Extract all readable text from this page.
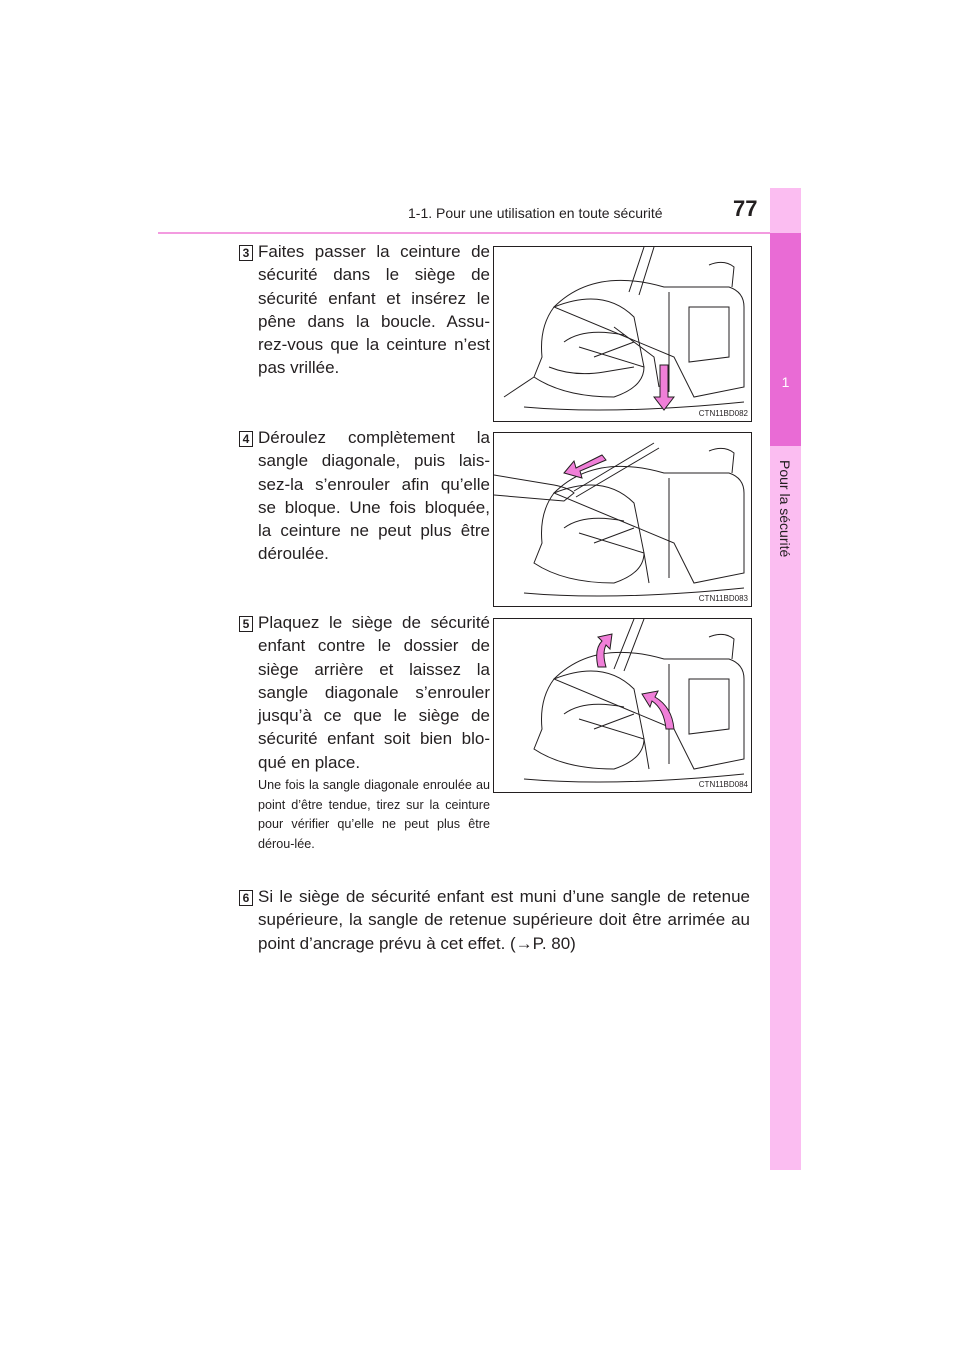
1-1. Pour une utilisation en toute sécurité	77
1
Pour la sécurité
3 Faites passer la ceinture de sécurité dans le siège de sécurité enfant et insérez le pêne dans la boucle. Assu-rez-vous que la ceinture n’est pas vrillée.
CTN11BD082
4 Déroulez complètement la sangle diagonale, puis lais-sez-la s’enrouler afin qu’elle se bloque. Une fois bloquée, la ceinture ne peut plus être déroulée.
CTN11BD083
5 Plaquez le siège de sécurité enfant contre le dossier de siège arrière et laissez la sangle diagonale s’enrouler jusqu’à ce que le siège de sécurité enfant soit bien blo-qué en place.
Une fois la sangle diagonale enroulée au point d’être tendue, tirez sur la ceinture pour vérifier qu’elle ne peut plus être dérou-lée.
CTN11BD084
6 Si le siège de sécurité enfant est muni d’une sangle de retenue supérieure, la sangle de retenue supérieure doit être arrimée au point d’ancrage prévu à cet effet. (→P. 80)
